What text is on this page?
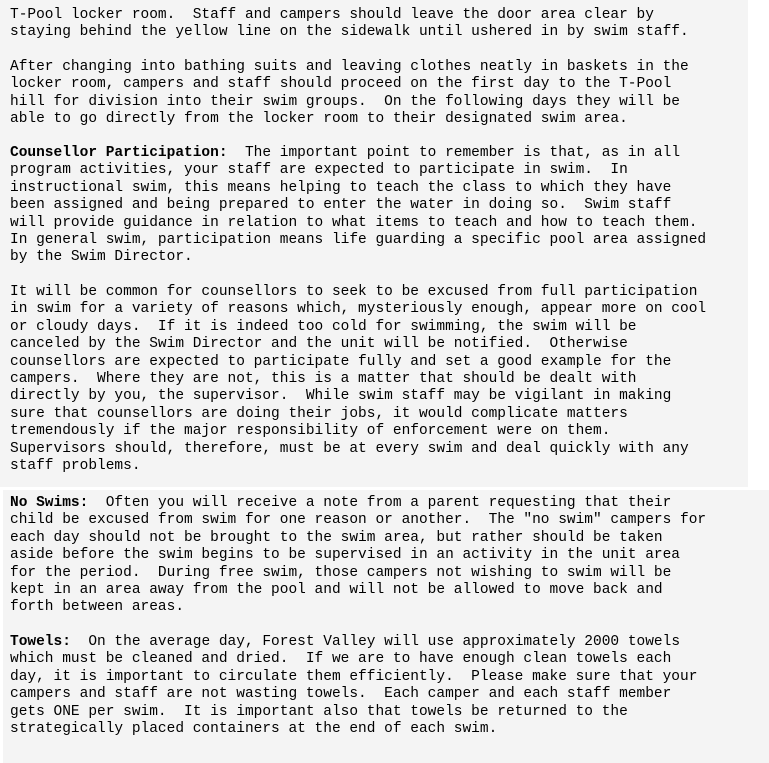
T-Pool locker room.  Staff and campers should leave the door area clear by
staying behind the yellow line on the sidewalk until ushered in by swim staff.

After changing into bathing suits and leaving clothes neatly in baskets in the
locker room, campers and staff should proceed on the first day to the T-Pool
hill for division into their swim groups.  On the following days they will be
able to go directly from the locker room to their designated swim area.

Counsellor Participation:  The important point to remember is that, as in all
program activities, your staff are expected to participate in swim.  In
instructional swim, this means helping to teach the class to which they have
been assigned and being prepared to enter the water in doing so.  Swim staff
will provide guidance in relation to what items to teach and how to teach them.
In general swim, participation means life guarding a specific pool area assigned
by the Swim Director.

It will be common for counsellors to seek to be excused from full participation
in swim for a variety of reasons which, mysteriously enough, appear more on cool
or cloudy days.  If it is indeed too cold for swimming, the swim will be
canceled by the Swim Director and the unit will be notified.  Otherwise
counsellors are expected to participate fully and set a good example for the
campers.  Where they are not, this is a matter that should be dealt with
directly by you, the supervisor.  While swim staff may be vigilant in making
sure that counsellors are doing their jobs, it would complicate matters
tremendously if the major responsibility of enforcement were on them.
Supervisors should, therefore, must be at every swim and deal quickly with any
staff problems.

No Swims:  Often you will receive a note from a parent requesting that their
child be excused from swim for one reason or another.  The "no swim" campers for
each day should not be brought to the swim area, but rather should be taken
aside before the swim begins to be supervised in an activity in the unit area
for the period.  During free swim, those campers not wishing to swim will be
kept in an area away from the pool and will not be allowed to move back and
forth between areas.

Towels:  On the average day, Forest Valley will use approximately 2000 towels
which must be cleaned and dried.  If we are to have enough clean towels each
day, it is important to circulate them efficiently.  Please make sure that your
campers and staff are not wasting towels.  Each camper and each staff member
gets ONE per swim.  It is important also that towels be returned to the
strategically placed containers at the end of each swim.
